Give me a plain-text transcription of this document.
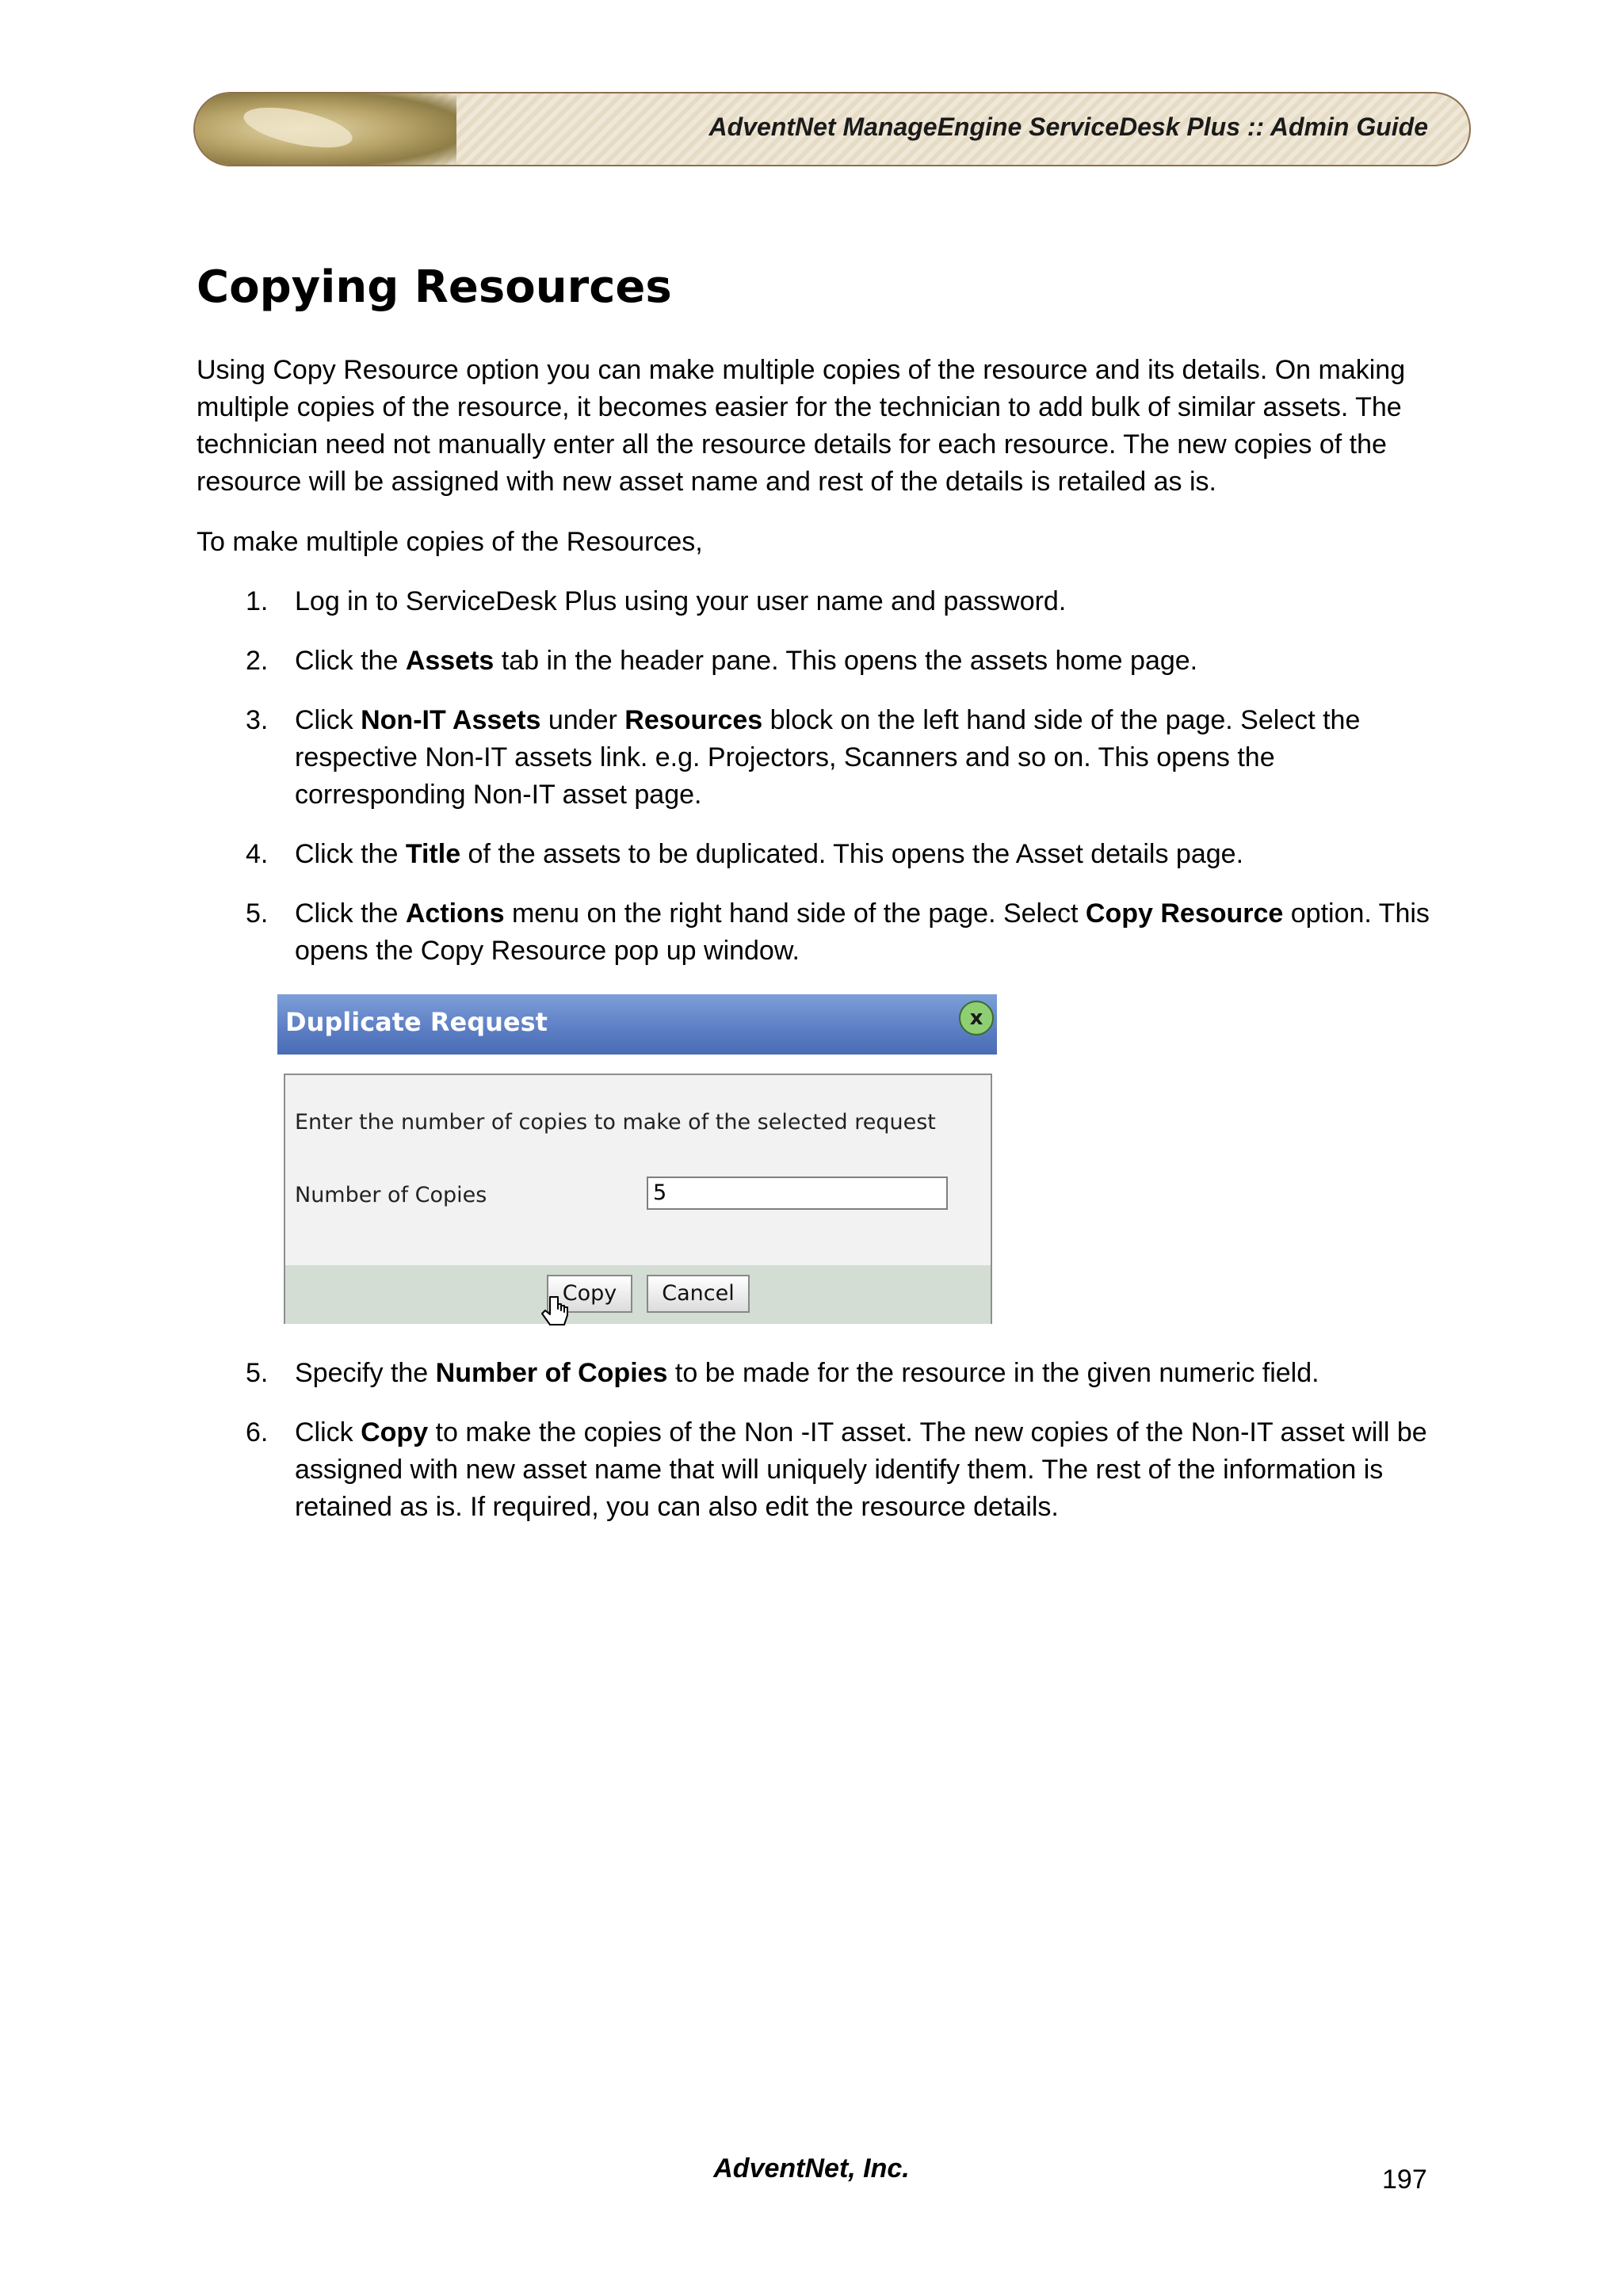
AdventNet ManageEngine ServiceDesk Plus :: Admin Guide
Copying Resources

Using Copy Resource option you can make multiple copies of the resource and its details. On making multiple copies of the resource, it becomes easier for the technician to add bulk of similar assets. The technician need not manually enter all the resource details for each resource. The new copies of the resource will be assigned with new asset name and rest of the details is retailed as is.

To make multiple copies of the Resources,

1. Log in to ServiceDesk Plus using your user name and password.
2. Click the Assets tab in the header pane. This opens the assets home page.
3. Click Non-IT Assets under Resources block on the left hand side of the page. Select the respective Non-IT assets link. e.g. Projectors, Scanners and so on. This opens the corresponding Non-IT asset page.
4. Click the Title of the assets to be duplicated. This opens the Asset details page.
5. Click the Actions menu on the right hand side of the page. Select Copy Resource option. This opens the Copy Resource pop up window.
Duplicate Request	x
Enter the number of copies to make of the selected request
Number of Copies	5
Copy	Cancel
5. Specify the Number of Copies to be made for the resource in the given numeric field.
6. Click Copy to make the copies of the Non -IT asset. The new copies of the Non-IT asset will be assigned with new asset name that will uniquely identify them. The rest of the information is retained as is. If required, you can also edit the resource details.
AdventNet, Inc.	197
